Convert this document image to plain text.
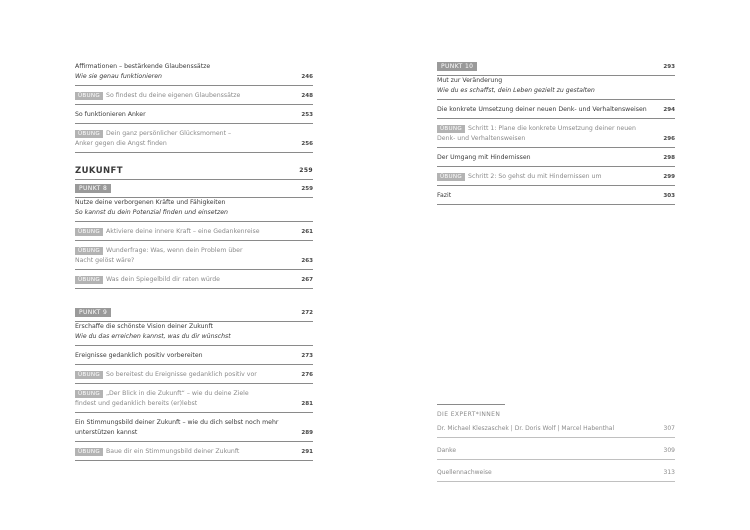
Affirmationen – bestärkende Glaubenssätze
Wie sie genau funktionieren	246
ÜBUNG So findest du deine eigenen Glaubenssätze	248
So funktionieren Anker	253
ÜBUNG Dein ganz persönlicher Glücksmoment –
Anker gegen die Angst finden	256
ZUKUNFT	259
PUNKT 8	259
Nutze deine verborgenen Kräfte und Fähigkeiten
So kannst du dein Potenzial finden und einsetzen
ÜBUNG Aktiviere deine innere Kraft – eine Gedankenreise	261
ÜBUNG Wunderfrage: Was, wenn dein Problem über
Nacht gelöst wäre?	263
ÜBUNG Was dein Spiegelbild dir raten würde	267
PUNKT 9	272
Erschaffe die schönste Vision deiner Zukunft
Wie du das erreichen kannst, was du dir wünschst
Ereignisse gedanklich positiv vorbereiten	273
ÜBUNG So bereitest du Ereignisse gedanklich positiv vor	276
ÜBUNG „Der Blick in die Zukunft“ – wie du deine Ziele
findest und gedanklich bereits (er)lebst	281
Ein Stimmungsbild deiner Zukunft – wie du dich selbst noch mehr
unterstützen kannst	289
ÜBUNG Baue dir ein Stimmungsbild deiner Zukunft	291
PUNKT 10	293
Mut zur Veränderung
Wie du es schaffst, dein Leben gezielt zu gestalten
Die konkrete Umsetzung deiner neuen Denk- und Verhaltensweisen	294
ÜBUNG Schritt 1: Plane die konkrete Umsetzung deiner neuen
Denk- und Verhaltensweisen	296
Der Umgang mit Hindernissen	298
ÜBUNG Schritt 2: So gehst du mit Hindernissen um	299
Fazit	303
DIE EXPERT*INNEN
Dr. Michael Kleszaschek | Dr. Doris Wolf | Marcel Habenthal	307
Danke	309
Quellennachweise	313
